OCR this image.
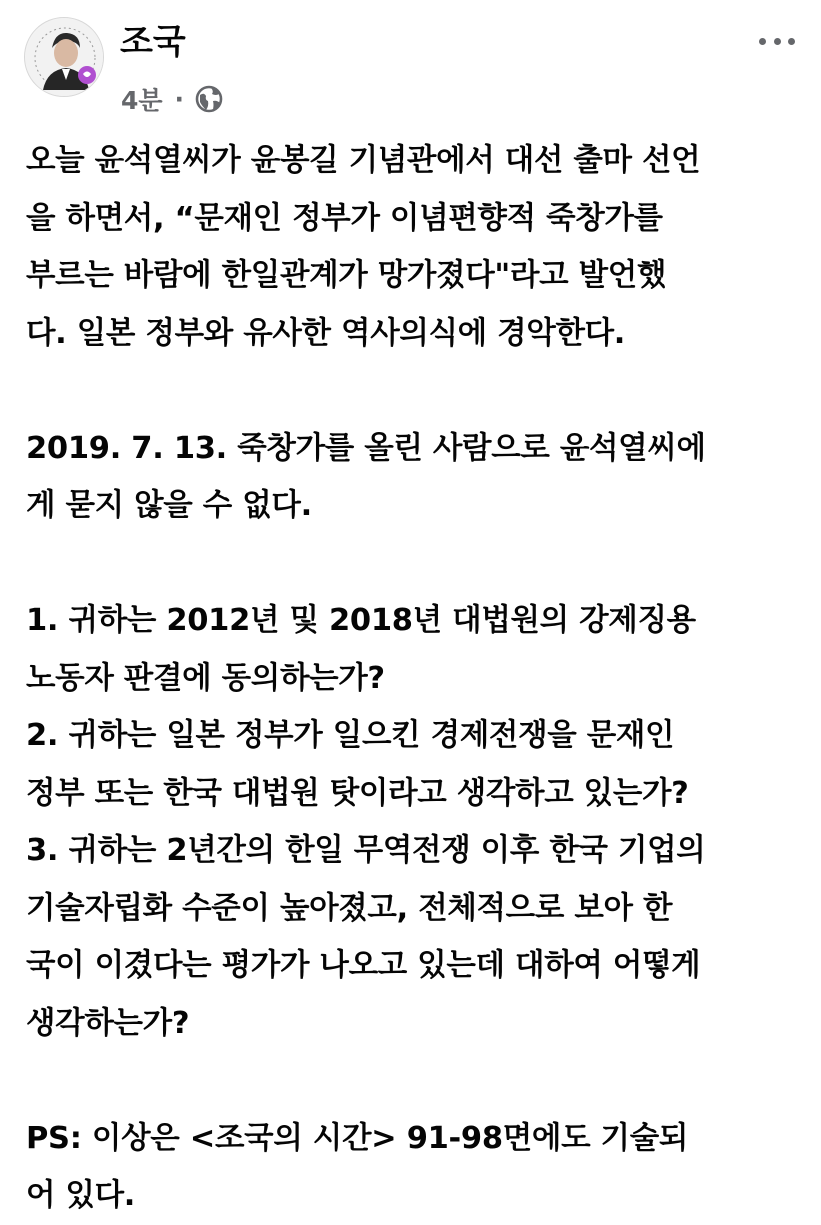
조국
4분 ·
오늘 윤석열씨가 윤봉길 기념관에서 대선 출마 선언
을 하면서, “문재인 정부가 이념편향적 죽창가를
부르는 바람에 한일관계가 망가졌다"라고 발언했
다. 일본 정부와 유사한 역사의식에 경악한다.
2019. 7. 13. 죽창가를 올린 사람으로 윤석열씨에
게 묻지 않을 수 없다.
1. 귀하는 2012년 및 2018년 대법원의 강제징용
노동자 판결에 동의하는가?
2. 귀하는 일본 정부가 일으킨 경제전쟁을 문재인
정부 또는 한국 대법원 탓이라고 생각하고 있는가?
3. 귀하는 2년간의 한일 무역전쟁 이후 한국 기업의
기술자립화 수준이 높아졌고, 전체적으로 보아 한
국이 이겼다는 평가가 나오고 있는데 대하여 어떻게
생각하는가?
PS: 이상은 <조국의 시간> 91-98면에도 기술되
어 있다.
